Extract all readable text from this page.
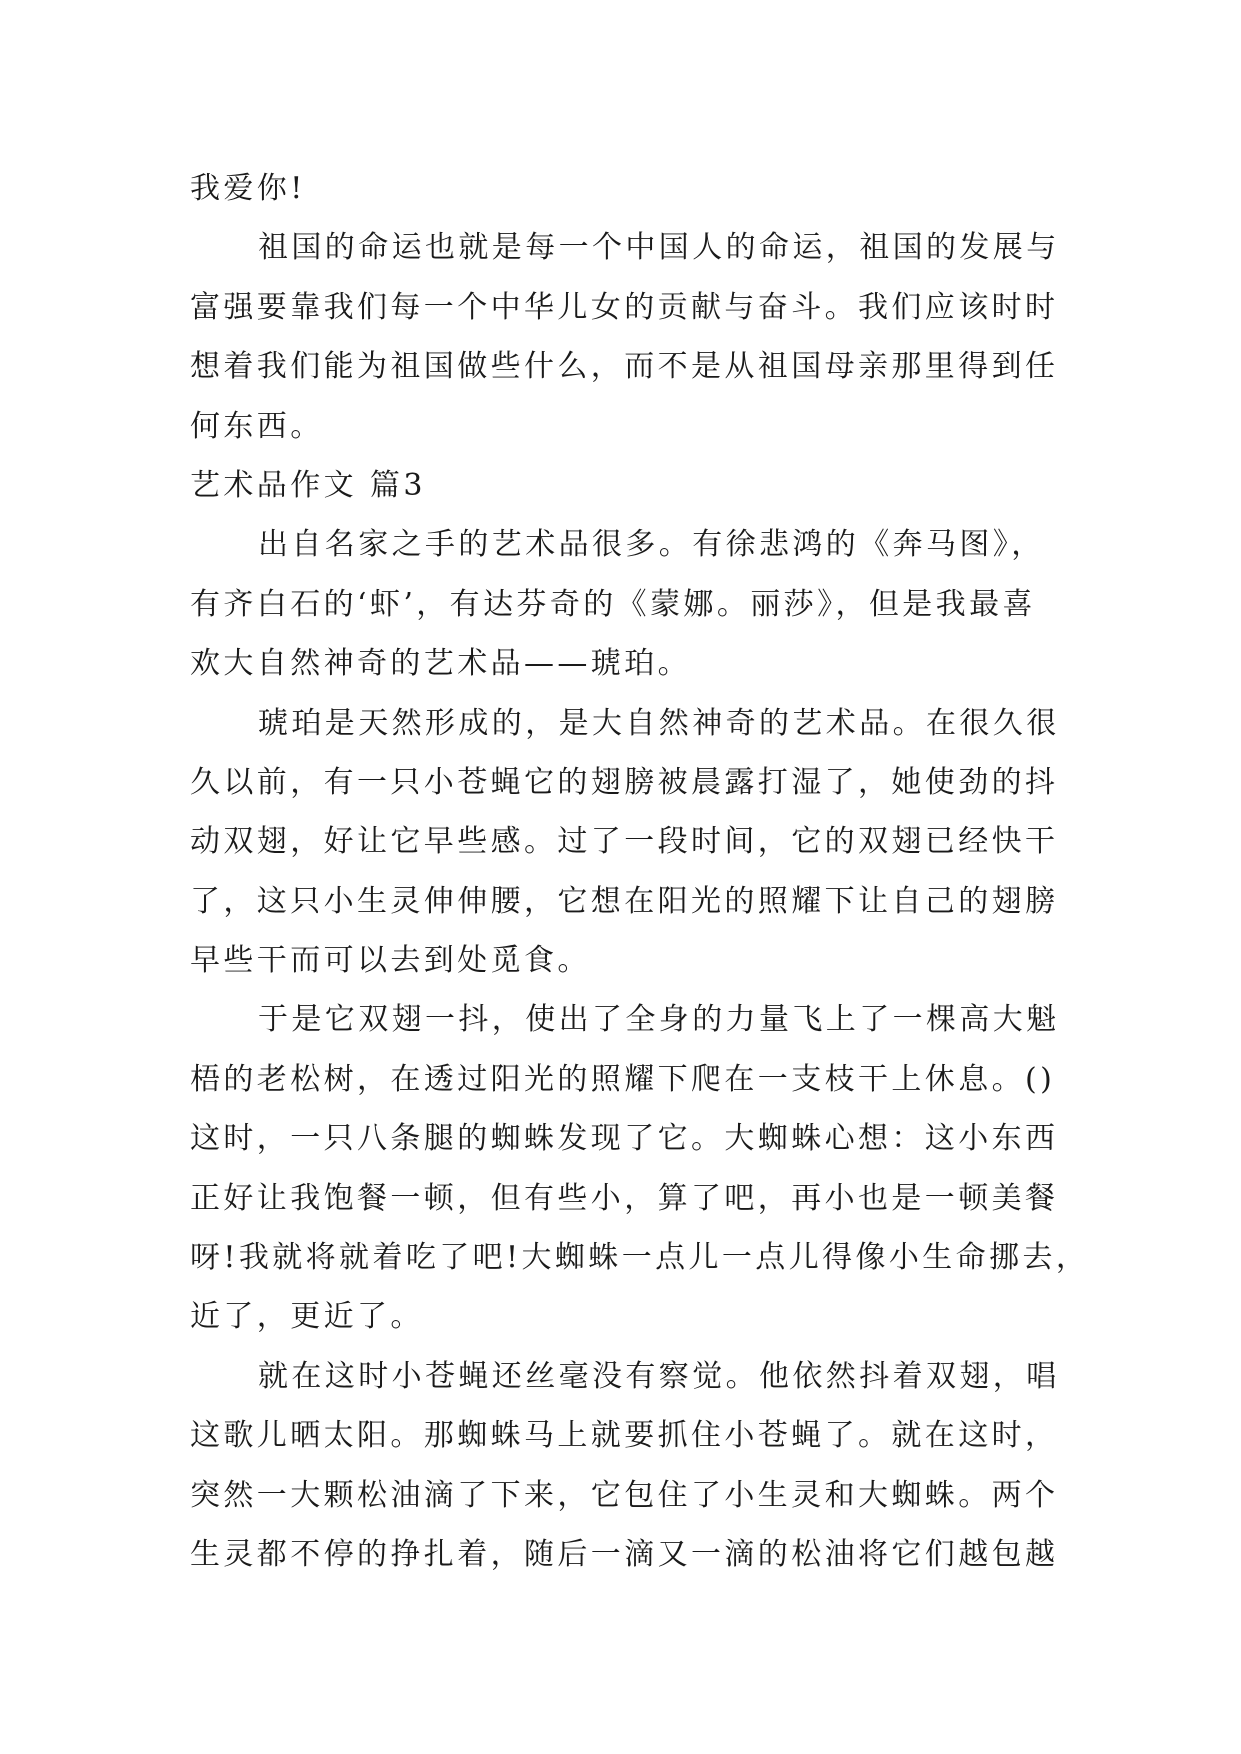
我爱你!
祖国的命运也就是每一个中国人的命运，祖国的发展与
富强要靠我们每一个中华儿女的贡献与奋斗。我们应该时时
想着我们能为祖国做些什么，而不是从祖国母亲那里得到任
何东西。
艺术品作文 篇3
出自名家之手的艺术品很多。有徐悲鸿的《奔马图》，
有齐白石的‘虾’，有达芬奇的《蒙娜。丽莎》，但是我最喜
欢大自然神奇的艺术品——琥珀。
琥珀是天然形成的，是大自然神奇的艺术品。在很久很
久以前，有一只小苍蝇它的翅膀被晨露打湿了，她使劲的抖
动双翅，好让它早些感。过了一段时间，它的双翅已经快干
了，这只小生灵伸伸腰，它想在阳光的照耀下让自己的翅膀
早些干而可以去到处觅食。
于是它双翅一抖，使出了全身的力量飞上了一棵高大魁
梧的老松树，在透过阳光的照耀下爬在一支枝干上休息。()
这时，一只八条腿的蜘蛛发现了它。大蜘蛛心想：这小东西
正好让我饱餐一顿，但有些小，算了吧，再小也是一顿美餐
呀!我就将就着吃了吧!大蜘蛛一点儿一点儿得像小生命挪去，
近了，更近了。
就在这时小苍蝇还丝毫没有察觉。他依然抖着双翅，唱
这歌儿晒太阳。那蜘蛛马上就要抓住小苍蝇了。就在这时，
突然一大颗松油滴了下来，它包住了小生灵和大蜘蛛。两个
生灵都不停的挣扎着，随后一滴又一滴的松油将它们越包越
